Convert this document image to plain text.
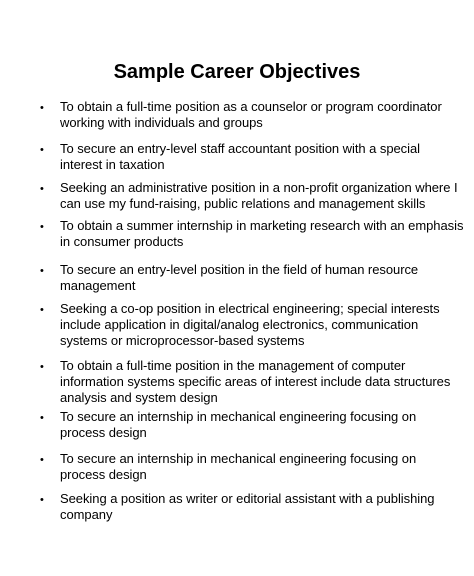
Sample Career Objectives
• To obtain a full-time position as a counselor or program coordinator working with individuals and groups
• To secure an entry-level staff accountant position with a special interest in taxation
• Seeking an administrative position in a non-profit organization where I can use my fund-raising, public relations and management skills
• To obtain a summer internship in marketing research with an emphasis in consumer products
• To secure an entry-level position in the field of human resource management
• Seeking a co-op position in electrical engineering; special interests include application in digital/analog electronics, communication systems or microprocessor-based systems
• To obtain a full-time position in the management of computer information systems specific areas of interest include data structures analysis and system design
• To secure an internship in mechanical engineering focusing on process design
• To secure an internship in mechanical engineering focusing on process design
• Seeking a position as writer or editorial assistant with a publishing company
